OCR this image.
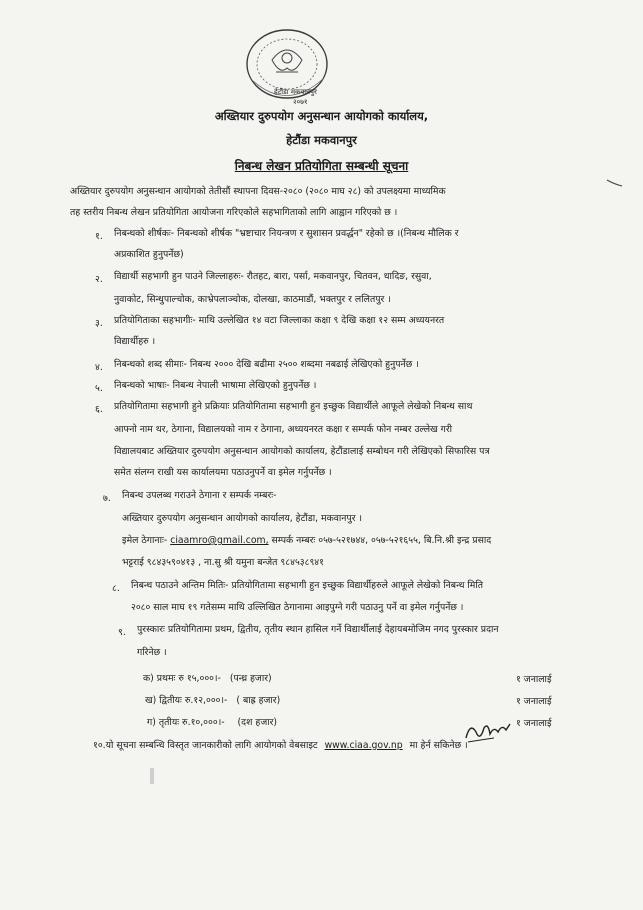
हेटौंडा मकवानपुर
२०७१
अख्तियार दुरुपयोग अनुसन्धान आयोगको कार्यालय,
हेटौंडा मकवानपुर
निबन्ध लेखन प्रतियोगिता सम्बन्धी सूचना
अख्तियार दुरुपयोग अनुसन्धान आयोगको तेतीसौं स्थापना दिवस-२०८० (२०८० माघ २८) को उपलक्ष्यमा माध्यमिक
तह स्तरीय निबन्ध लेखन प्रतियोगिता आयोजना गरिएकोले सहभागिताको लागि आह्वान गरिएको छ ।
१. निबन्धको शीर्षकः- निबन्धको शीर्षक "भ्रष्टाचार नियन्त्रण र सुशासन प्रवर्द्धन" रहेको छ ।(निबन्ध मौलिक र
अप्रकाशित हुनुपर्नेछ)
२. विद्यार्थी सहभागी हुन पाउने जिल्लाहरुः- रौतहट, बारा, पर्सा, मकवानपुर, चितवन, धादिङ, रसुवा,
नुवाकोट, सिन्धुपाल्चोक, काभ्रेपलाञ्चोक, दोलखा, काठमाडौं, भक्तपुर र ललितपुर ।
३. प्रतियोगिताका सहभागीः- माथि उल्लेखित १४ वटा जिल्लाका कक्षा ९ देखि कक्षा १२ सम्म अध्ययनरत
विद्यार्थीहरु ।
४. निबन्धको शब्द सीमाः- निबन्ध २००० देखि बढीमा २५०० शब्दमा नबढाई लेखिएको हुनुपर्नेछ ।
५. निबन्धको भाषाः- निबन्ध नेपाली भाषामा लेखिएको हुनुपर्नेछ ।
६. प्रतियोगितामा सहभागी हुने प्रक्रियाः प्रतियोगितामा सहभागी हुन इच्छुक विद्यार्थीले आफूले लेखेको निबन्ध साथ
आफ्नो नाम थर, ठेगाना, विद्यालयको नाम र ठेगाना, अध्ययनरत कक्षा र सम्पर्क फोन नम्बर उल्लेख गरी
विद्यालयबाट अख्तियार दुरुपयोग अनुसन्धान आयोगको कार्यालय, हेटौंडालाई सम्बोधन गरी लेखिएको सिफारिस पत्र
समेत संलग्न राखी यस कार्यालयमा पठाउनुपर्ने वा इमेल गर्नुपर्नेछ ।
७. निबन्ध उपलब्ध गराउने ठेगाना र सम्पर्क नम्बरः-
अख्तियार दुरुपयोग अनुसन्धान आयोगको कार्यालय, हेटौंडा, मकवानपुर ।
इमेल ठेगानाः- ciaamro@gmail.com, सम्पर्क नम्बरः ०५७-५२१७४४, ०५७-५२१६५५, बि.नि.श्री इन्द्र प्रसाद
भट्टराई ९८४३५९०४१३ , ना.सु श्री यमुना बन्जेत ९८४५३८९४१
८. निबन्ध पठाउने अन्तिम मितिः- प्रतियोगितामा सहभागी हुन इच्छुक विद्यार्थीहरुले आफूले लेखेको निबन्ध मिति
२०८० साल माघ १९ गतेसम्म माथि उल्लिखित ठेगानामा आइपुग्ने गरी पठाउनु पर्ने वा इमेल गर्नुपर्नेछ ।
९. पुरस्कारः प्रतियोगितामा प्रथम, द्वितीय, तृतीय स्थान हासिल गर्ने विद्यार्थीलाई देहायबमोजिम नगद पुरस्कार प्रदान
गरिनेछ ।
क) प्रथमः रु १५,०००।- (पन्ध्र हजार)	१ जनालाई
ख) द्वितीयः रु.१२,०००।- ( बाह्र हजार)	१ जनालाई
ग) तृतीयः रु.१०,०००।- (दश हजार)	१ जनालाई
१०.यो सूचना सम्बन्धि विस्तृत जानकारीको लागि आयोगको वेबसाइट www.ciaa.gov.np मा हेर्न सकिनेछ ।
